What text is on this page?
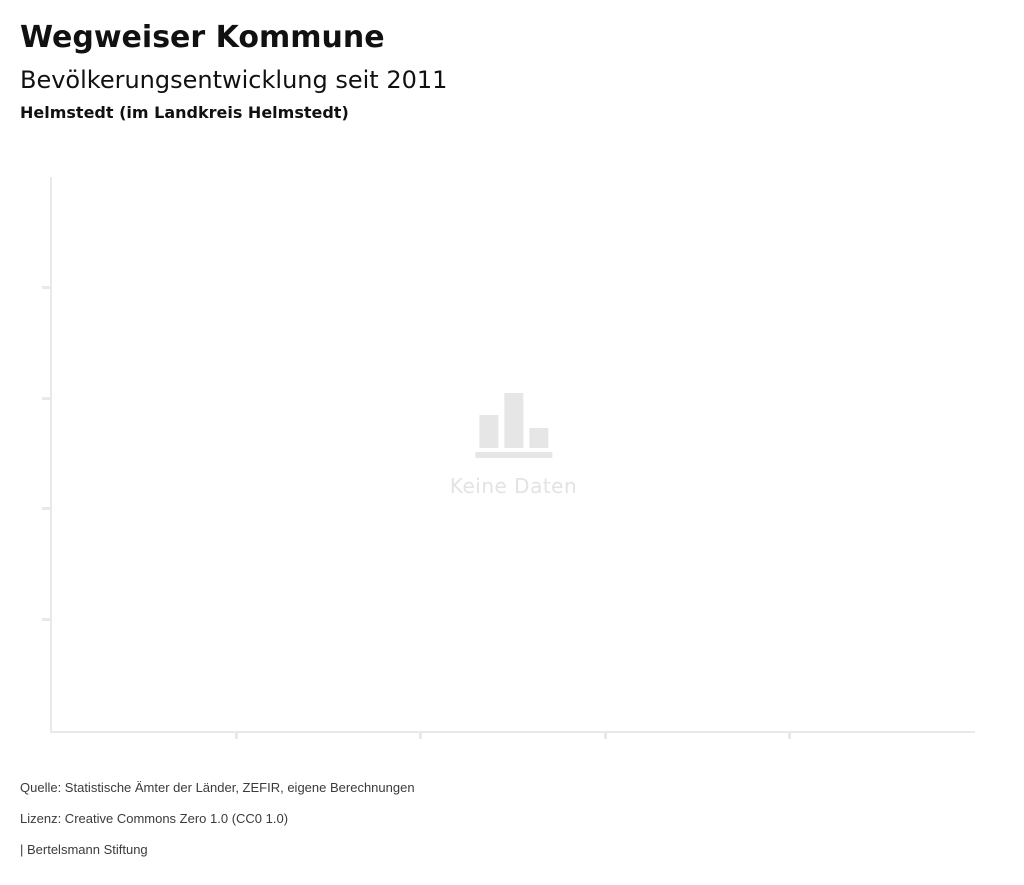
Wegweiser Kommune
Bevölkerungsentwicklung seit 2011
Helmstedt (im Landkreis Helmstedt)
Keine Daten
Quelle: Statistische Ämter der Länder, ZEFIR, eigene Berechnungen
Lizenz: Creative Commons Zero 1.0 (CC0 1.0)
| Bertelsmann Stiftung
